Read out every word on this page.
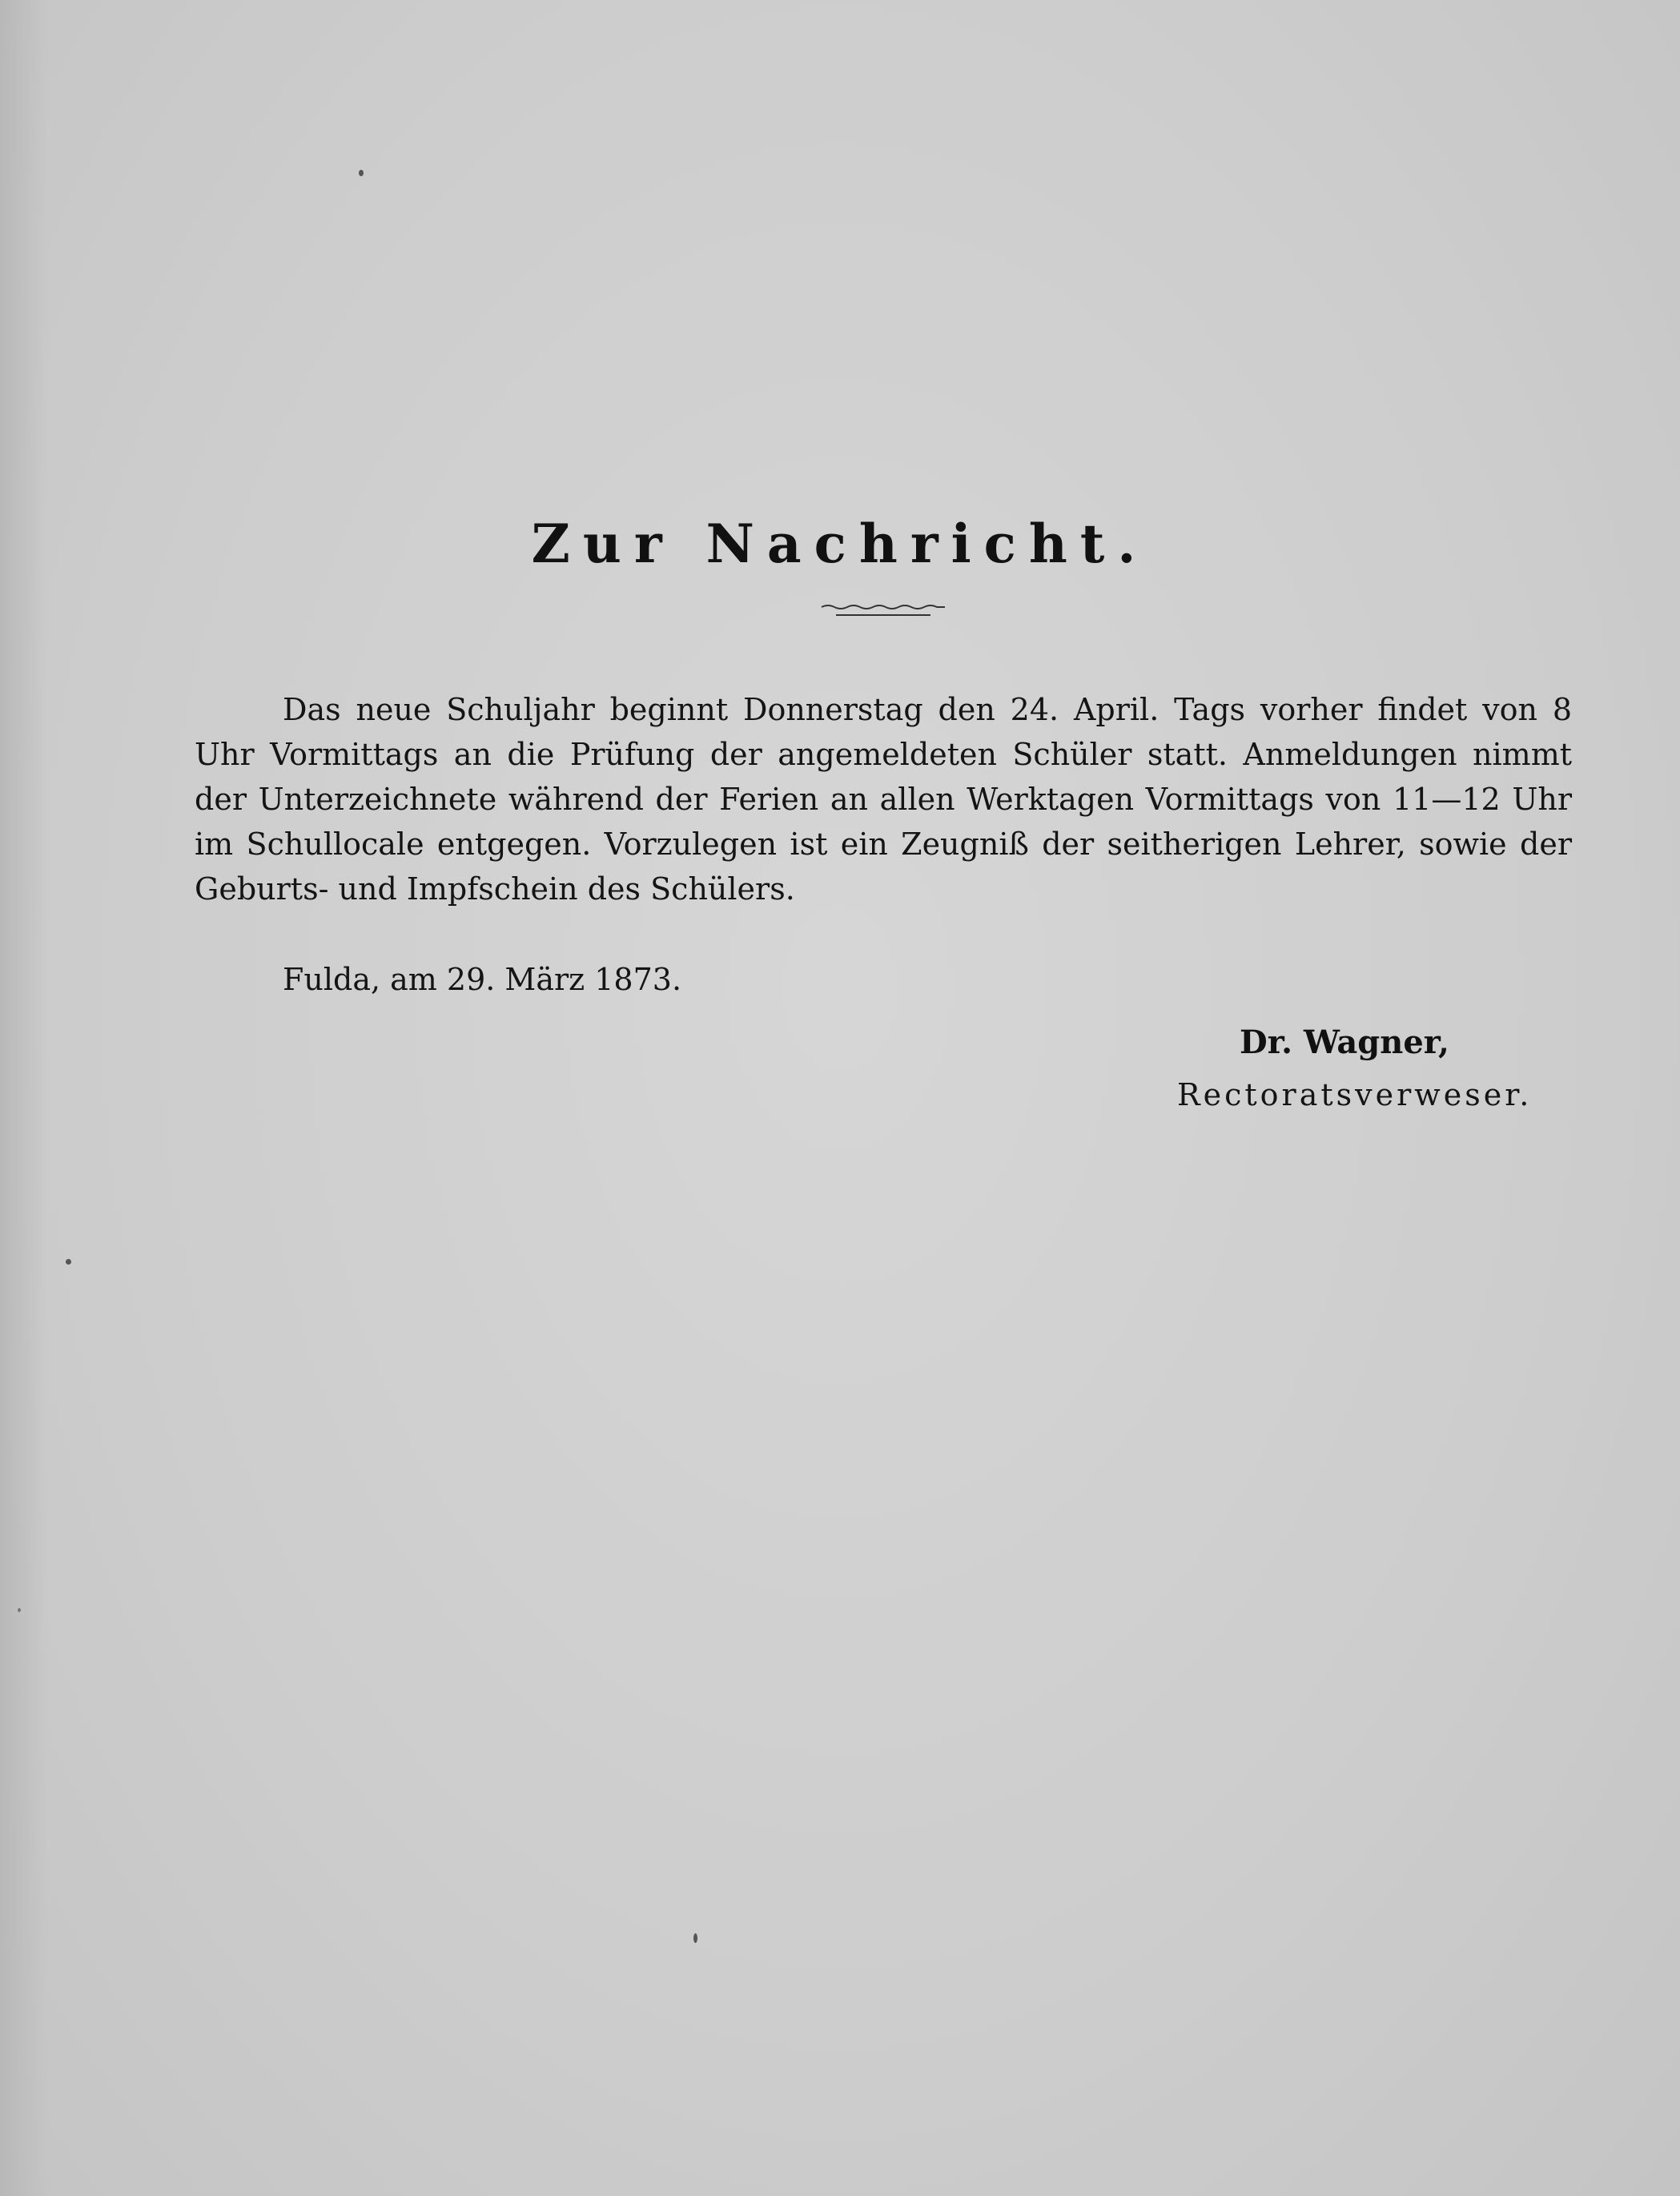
Zur Nachricht.

Das neue Schuljahr beginnt Donnerstag den 24. April. Tags vorher findet von 8 Uhr Vormittags an die Prüfung der angemeldeten Schüler statt. Anmeldungen nimmt der Unterzeichnete während der Ferien an allen Werktagen Vormittags von 11—12 Uhr im Schullocale entgegen. Vorzulegen ist ein Zeugniß der seitherigen Lehrer, sowie der Geburts- und Impfschein des Schülers.

Fulda, am 29. März 1873.

Dr. Wagner,

Rectoratsverweser.
